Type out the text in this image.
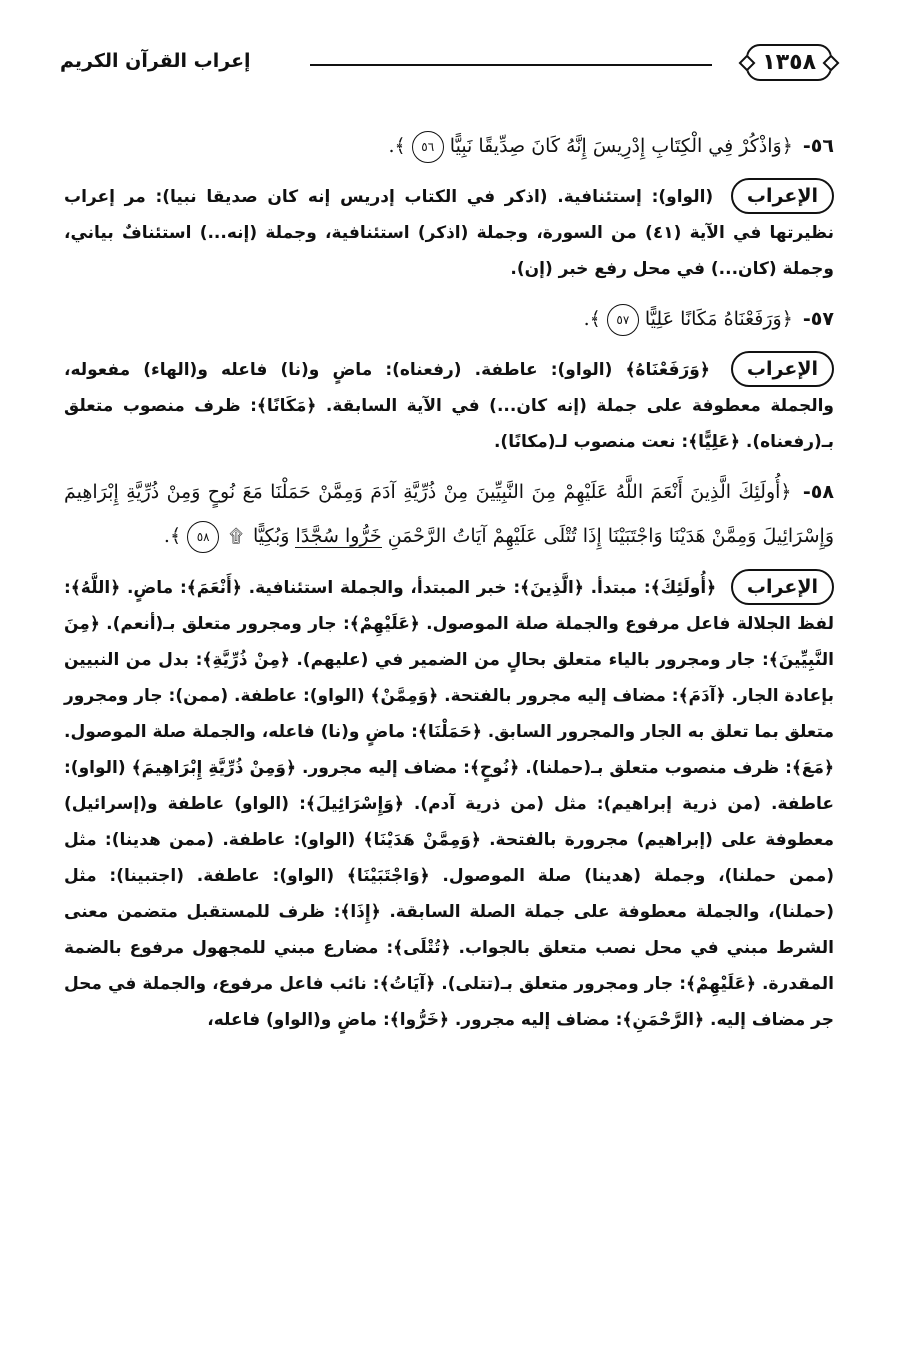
١٣٥٨
إعراب القرآن الكريم
٥٦- ﴿وَاذْكُرْ فِي الْكِتَابِ إِدْرِيسَ إِنَّهُ كَانَ صِدِّيقًا نَبِيًّا ٥٦ ﴾.
الإعراب (الواو): إستئنافية. (اذكر في الكتاب إدريس إنه كان صديقا نبيا): مر إعراب نظيرتها في الآية (٤١) من السورة، وجملة (اذكر) استئنافية، وجملة (إنه...) استئنافٌ بياني، وجملة (كان...) في محل رفع خبر (إن).
٥٧- ﴿وَرَفَعْنَاهُ مَكَانًا عَلِيًّا ٥٧ ﴾.
الإعراب ﴿وَرَفَعْنَاهُ﴾ (الواو): عاطفة. (رفعناه): ماضٍ و(نا) فاعله و(الهاء) مفعوله، والجملة معطوفة على جملة (إنه كان...) في الآية السابقة. ﴿مَكَانًا﴾: ظرف منصوب متعلق بـ(رفعناه). ﴿عَلِيًّا﴾: نعت منصوب لـ(مكانًا).
٥٨- ﴿أُولَئِكَ الَّذِينَ أَنْعَمَ اللَّهُ عَلَيْهِمْ مِنَ النَّبِيِّينَ مِنْ ذُرِّيَّةِ آدَمَ وَمِمَّنْ حَمَلْنَا مَعَ نُوحٍ وَمِنْ ذُرِّيَّةِ إِبْرَاهِيمَ وَإِسْرَائِيلَ وَمِمَّنْ هَدَيْنَا وَاجْتَبَيْنَا إِذَا تُتْلَى عَلَيْهِمْ آيَاتُ الرَّحْمَنِ خَرُّوا سُجَّدًا وَبُكِيًّا ۩ ٥٨ ﴾.
الإعراب ﴿أُولَئِكَ﴾: مبتدأ. ﴿الَّذِينَ﴾: خبر المبتدأ، والجملة استئنافية. ﴿أَنْعَمَ﴾: ماضٍ. ﴿اللَّهُ﴾: لفظ الجلالة فاعل مرفوع والجملة صلة الموصول. ﴿عَلَيْهِمْ﴾: جار ومجرور متعلق بـ(أنعم). ﴿مِنَ النَّبِيِّينَ﴾: جار ومجرور بالياء متعلق بحالٍ من الضمير في (عليهم). ﴿مِنْ ذُرِّيَّةِ﴾: بدل من النبيين بإعادة الجار. ﴿آدَمَ﴾: مضاف إليه مجرور بالفتحة. ﴿وَمِمَّنْ﴾ (الواو): عاطفة. (ممن): جار ومجرور متعلق بما تعلق به الجار والمجرور السابق. ﴿حَمَلْنَا﴾: ماضٍ و(نا) فاعله، والجملة صلة الموصول. ﴿مَعَ﴾: ظرف منصوب متعلق بـ(حملنا). ﴿نُوحٍ﴾: مضاف إليه مجرور. ﴿وَمِنْ ذُرِّيَّةِ إِبْرَاهِيمَ﴾ (الواو): عاطفة. (من ذرية إبراهيم): مثل (من ذرية آدم). ﴿وَإِسْرَائِيلَ﴾: (الواو) عاطفة و(إسرائيل) معطوفة على (إبراهيم) مجرورة بالفتحة. ﴿وَمِمَّنْ هَدَيْنَا﴾ (الواو): عاطفة. (ممن هدينا): مثل (ممن حملنا)، وجملة (هدينا) صلة الموصول. ﴿وَاجْتَبَيْنَا﴾ (الواو): عاطفة. (اجتبينا): مثل (حملنا)، والجملة معطوفة على جملة الصلة السابقة. ﴿إِذَا﴾: ظرف للمستقبل متضمن معنى الشرط مبني في محل نصب متعلق بالجواب. ﴿تُتْلَى﴾: مضارع مبني للمجهول مرفوع بالضمة المقدرة. ﴿عَلَيْهِمْ﴾: جار ومجرور متعلق بـ(تتلى). ﴿آيَاتُ﴾: نائب فاعل مرفوع، والجملة في محل جر مضاف إليه. ﴿الرَّحْمَنِ﴾: مضاف إليه مجرور. ﴿خَرُّوا﴾: ماضٍ و(الواو) فاعله،
